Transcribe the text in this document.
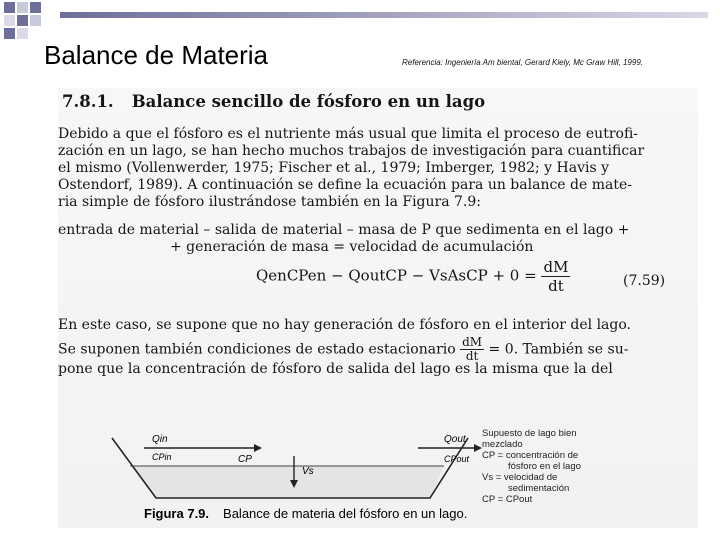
Balance de Materia	Referencia: Ingeniería Am biental, Gerard Kiely, Mc Graw Hill, 1999.
7.8.1. Balance sencillo de fósforo en un lago
Debido a que el fósforo es el nutriente más usual que limita el proceso de eutrofi-
zación en un lago, se han hecho muchos trabajos de investigación para cuantificar
el mismo (Vollenwerder, 1975; Fischer et al., 1979; Imberger, 1982; y Havis y
Ostendorf, 1989). A continuación se define la ecuación para un balance de mate-
ria simple de fósforo ilustrándose también en la Figura 7.9:
entrada de material – salida de material – masa de P que sedimenta en el lago +
+ generación de masa = velocidad de acumulación
QenCPen − QoutCP − VsAsCP + $0 = \frac{dM}{dt}$	(7.59)
En este caso, se supone que no hay generación de fósforo en el interior del lago.
Se suponen también condiciones de estado estacionario $\frac{dM}{dt} = 0$. También se su-
pone que la concentración de fósforo de salida del lago es la misma que la del
Qin
CPin	CP
Vs
Qout
CPout
Supuesto de lago bien
mezclado
CP = concentración de
fósforo en el lago
Vs = velocidad de
sedimentación
CP = CPout
Figura 7.9. Balance de materia del fósforo en un lago.
